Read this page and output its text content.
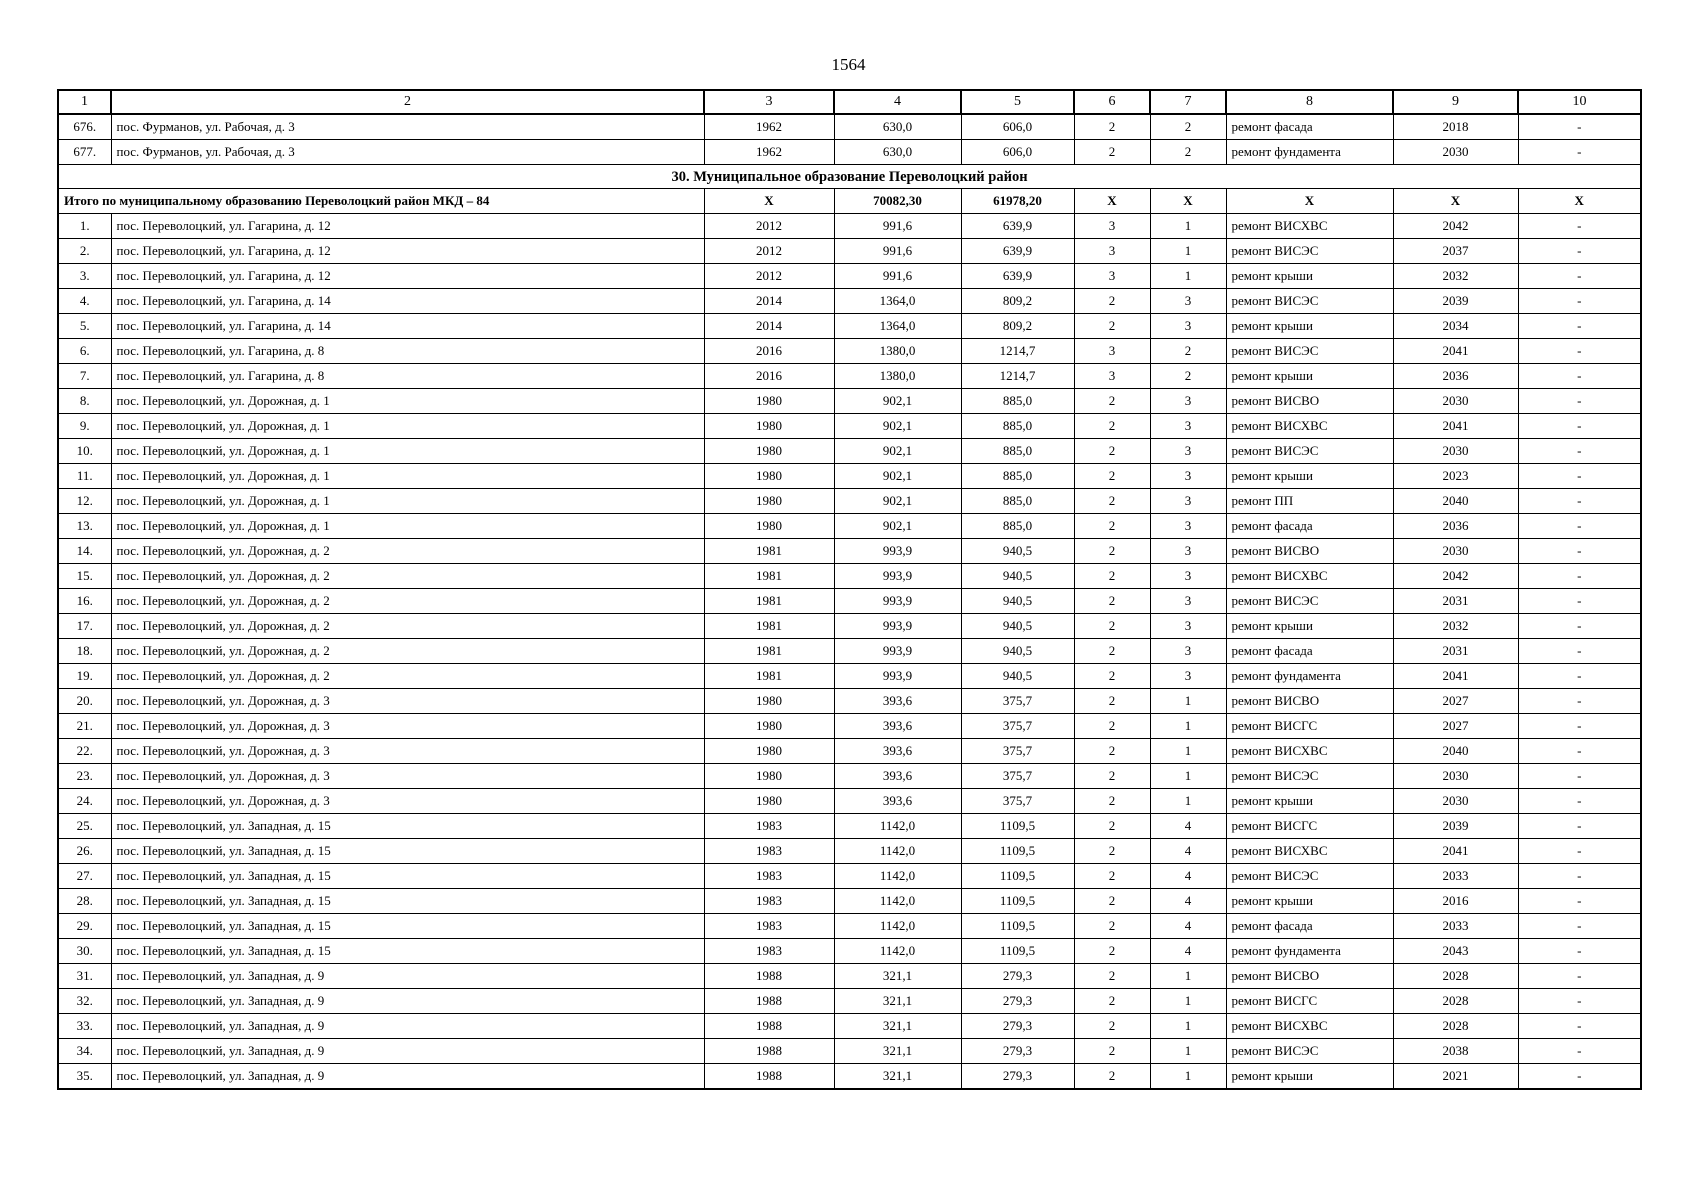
1564
1	2	3	4	5	6	7	8	9	10
676.	пос. Фурманов, ул. Рабочая, д. 3	1962	630,0	606,0	2	2	ремонт фасада	2018	-
677.	пос. Фурманов, ул. Рабочая, д. 3	1962	630,0	606,0	2	2	ремонт фундамента	2030	-
30. Муниципальное образование Переволоцкий район									
Итого по муниципальному образованию Переволоцкий район МКД – 84		X	70082,30	61978,20	X	X	X	X	X
1.	пос. Переволоцкий, ул. Гагарина, д. 12	2012	991,6	639,9	3	1	ремонт ВИСХВС	2042	-
2.	пос. Переволоцкий, ул. Гагарина, д. 12	2012	991,6	639,9	3	1	ремонт ВИСЭС	2037	-
3.	пос. Переволоцкий, ул. Гагарина, д. 12	2012	991,6	639,9	3	1	ремонт крыши	2032	-
4.	пос. Переволоцкий, ул. Гагарина, д. 14	2014	1364,0	809,2	2	3	ремонт ВИСЭС	2039	-
5.	пос. Переволоцкий, ул. Гагарина, д. 14	2014	1364,0	809,2	2	3	ремонт крыши	2034	-
6.	пос. Переволоцкий, ул. Гагарина, д. 8	2016	1380,0	1214,7	3	2	ремонт ВИСЭС	2041	-
7.	пос. Переволоцкий, ул. Гагарина, д. 8	2016	1380,0	1214,7	3	2	ремонт крыши	2036	-
8.	пос. Переволоцкий, ул. Дорожная, д. 1	1980	902,1	885,0	2	3	ремонт ВИСВО	2030	-
9.	пос. Переволоцкий, ул. Дорожная, д. 1	1980	902,1	885,0	2	3	ремонт ВИСХВС	2041	-
10.	пос. Переволоцкий, ул. Дорожная, д. 1	1980	902,1	885,0	2	3	ремонт ВИСЭС	2030	-
11.	пос. Переволоцкий, ул. Дорожная, д. 1	1980	902,1	885,0	2	3	ремонт крыши	2023	-
12.	пос. Переволоцкий, ул. Дорожная, д. 1	1980	902,1	885,0	2	3	ремонт ПП	2040	-
13.	пос. Переволоцкий, ул. Дорожная, д. 1	1980	902,1	885,0	2	3	ремонт фасада	2036	-
14.	пос. Переволоцкий, ул. Дорожная, д. 2	1981	993,9	940,5	2	3	ремонт ВИСВО	2030	-
15.	пос. Переволоцкий, ул. Дорожная, д. 2	1981	993,9	940,5	2	3	ремонт ВИСХВС	2042	-
16.	пос. Переволоцкий, ул. Дорожная, д. 2	1981	993,9	940,5	2	3	ремонт ВИСЭС	2031	-
17.	пос. Переволоцкий, ул. Дорожная, д. 2	1981	993,9	940,5	2	3	ремонт крыши	2032	-
18.	пос. Переволоцкий, ул. Дорожная, д. 2	1981	993,9	940,5	2	3	ремонт фасада	2031	-
19.	пос. Переволоцкий, ул. Дорожная, д. 2	1981	993,9	940,5	2	3	ремонт фундамента	2041	-
20.	пос. Переволоцкий, ул. Дорожная, д. 3	1980	393,6	375,7	2	1	ремонт ВИСВО	2027	-
21.	пос. Переволоцкий, ул. Дорожная, д. 3	1980	393,6	375,7	2	1	ремонт ВИСГС	2027	-
22.	пос. Переволоцкий, ул. Дорожная, д. 3	1980	393,6	375,7	2	1	ремонт ВИСХВС	2040	-
23.	пос. Переволоцкий, ул. Дорожная, д. 3	1980	393,6	375,7	2	1	ремонт ВИСЭС	2030	-
24.	пос. Переволоцкий, ул. Дорожная, д. 3	1980	393,6	375,7	2	1	ремонт крыши	2030	-
25.	пос. Переволоцкий, ул. Западная, д. 15	1983	1142,0	1109,5	2	4	ремонт ВИСГС	2039	-
26.	пос. Переволоцкий, ул. Западная, д. 15	1983	1142,0	1109,5	2	4	ремонт ВИСХВС	2041	-
27.	пос. Переволоцкий, ул. Западная, д. 15	1983	1142,0	1109,5	2	4	ремонт ВИСЭС	2033	-
28.	пос. Переволоцкий, ул. Западная, д. 15	1983	1142,0	1109,5	2	4	ремонт крыши	2016	-
29.	пос. Переволоцкий, ул. Западная, д. 15	1983	1142,0	1109,5	2	4	ремонт фасада	2033	-
30.	пос. Переволоцкий, ул. Западная, д. 15	1983	1142,0	1109,5	2	4	ремонт фундамента	2043	-
31.	пос. Переволоцкий, ул. Западная, д. 9	1988	321,1	279,3	2	1	ремонт ВИСВО	2028	-
32.	пос. Переволоцкий, ул. Западная, д. 9	1988	321,1	279,3	2	1	ремонт ВИСГС	2028	-
33.	пос. Переволоцкий, ул. Западная, д. 9	1988	321,1	279,3	2	1	ремонт ВИСХВС	2028	-
34.	пос. Переволоцкий, ул. Западная, д. 9	1988	321,1	279,3	2	1	ремонт ВИСЭС	2038	-
35.	пос. Переволоцкий, ул. Западная, д. 9	1988	321,1	279,3	2	1	ремонт крыши	2021	-
